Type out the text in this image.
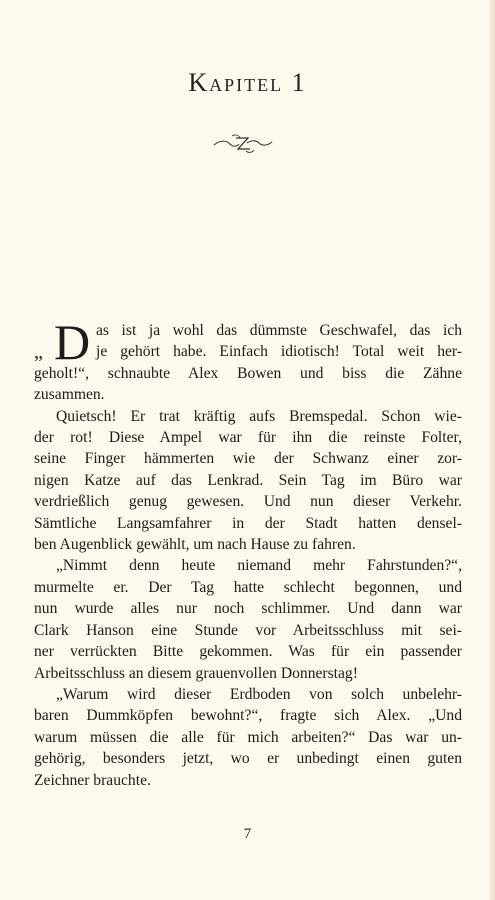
Kapitel 1
„ D as ist ja wohl das dümmste Geschwafel, das ich
je gehört habe. Einfach idiotisch! Total weit her-
geholt!“, schnaubte Alex Bowen und biss die Zähne
zusammen.
Quietsch! Er trat kräftig aufs Bremspedal. Schon wie-
der rot! Diese Ampel war für ihn die reinste Folter,
seine Finger hämmerten wie der Schwanz einer zor-
nigen Katze auf das Lenkrad. Sein Tag im Büro war
verdrießlich genug gewesen. Und nun dieser Verkehr.
Sämtliche Langsamfahrer in der Stadt hatten densel-
ben Augenblick gewählt, um nach Hause zu fahren.
„Nimmt denn heute niemand mehr Fahrstunden?“,
murmelte er. Der Tag hatte schlecht begonnen, und
nun wurde alles nur noch schlimmer. Und dann war
Clark Hanson eine Stunde vor Arbeitsschluss mit sei-
ner verrückten Bitte gekommen. Was für ein passender
Arbeitsschluss an diesem grauenvollen Donnerstag!
„Warum wird dieser Erdboden von solch unbelehr-
baren Dummköpfen bewohnt?“, fragte sich Alex. „Und
warum müssen die alle für mich arbeiten?“ Das war un-
gehörig, besonders jetzt, wo er unbedingt einen guten
Zeichner brauchte.
7
